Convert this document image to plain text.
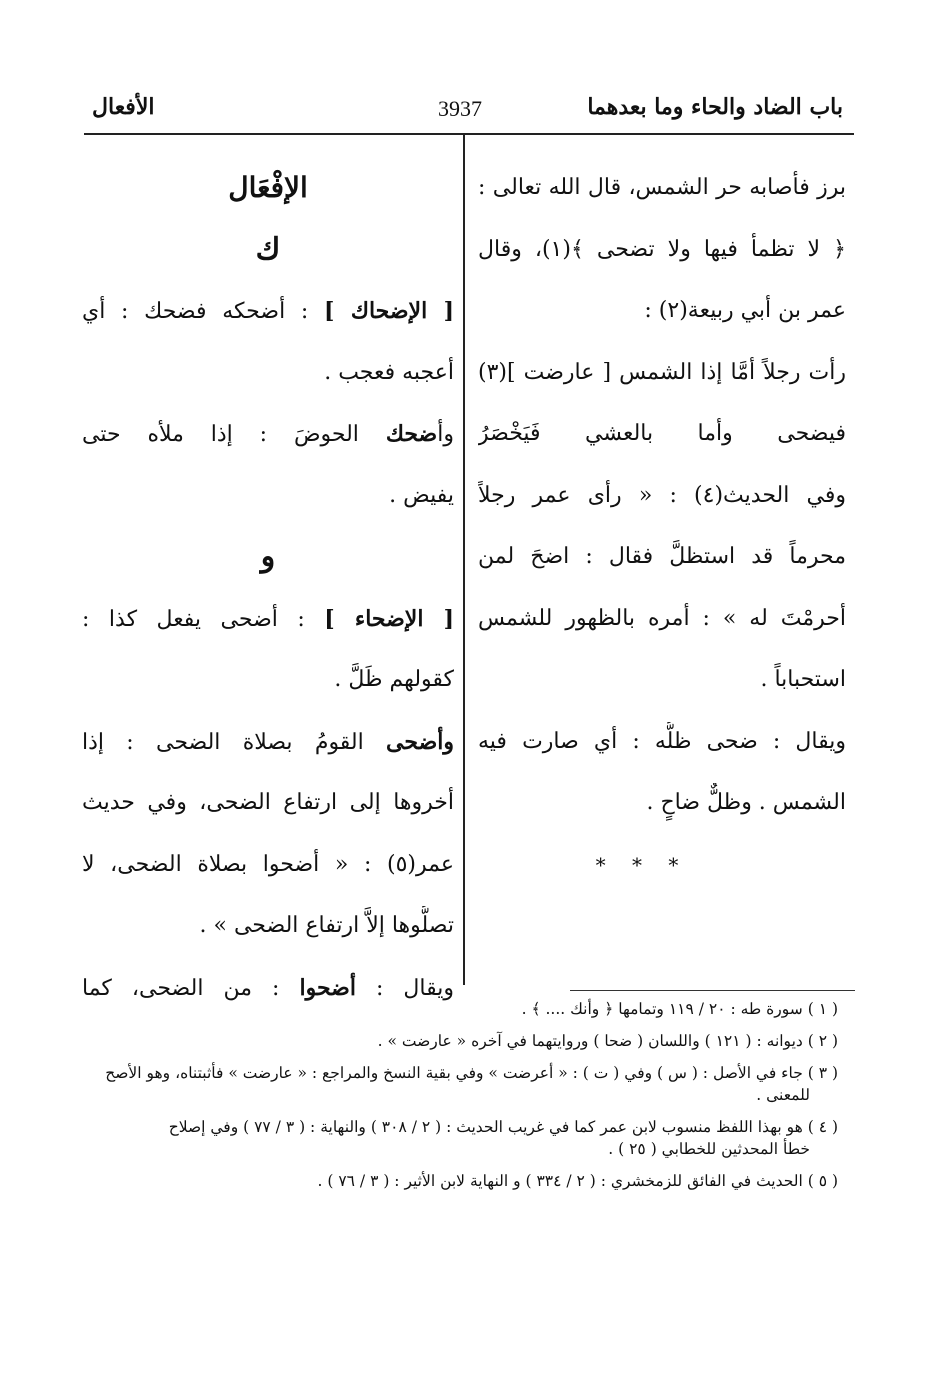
باب الضاد والحاء وما بعدهما
3937
الأفعال
برز فأصابه حر الشمس، قال الله تعالى :
﴿ لا تظمأ فيها ولا تضحى ﴾(١)، وقال
عمر بن أبي ربيعة(٢) :
رأت رجلاً أمَّا إذا الشمس [ عارضت ](٣)
فيضحى وأما بالعشي فَيَخْصَرُ
وفي الحديث(٤) : « رأى عمر رجلاً
محرماً قد استظلَّ فقال : اضحَ لمن
أحرمْتَ له » : أمره بالظهور للشمس
استحباباً .
ويقال : ضحى ظلُّه : أي صارت فيه
الشمس . وظلٌّ ضاحٍ .
* * *
الإفْعَال
ك
[ الإضحاك ] : أضحكه فضحك : أي
أعجبه فعجب .
وأضحك الحوضَ : إذا ملأه حتى
يفيض .
و
[ الإضحاء ] : أضحى يفعل كذا :
كقولهم ظَلَّ .
وأضحى القومُ بصلاة الضحى : إذا
أخروها إلى ارتفاع الضحى، وفي حديث
عمر(٥) : « أضحوا بصلاة الضحى، لا
تصلُّوها إلاَّ ارتفاع الضحى » .
ويقال : أضحوا : من الضحى، كما
( ١ ) سورة طه : ٢٠ / ١١٩ وتمامها ﴿ وأنك .... ﴾ .
( ٢ ) ديوانه : ( ١٢١ ) واللسان ( ضحا ) وروايتهما في آخره « عارضت » .
( ٣ ) جاء في الأصل : ( س ) وفي ( ت ) : « أعرضت » وفي بقية النسخ والمراجع : « عارضت » فأثبتناه، وهو الأصح
للمعنى .
( ٤ ) هو بهذا اللفظ منسوب لابن عمر كما في غريب الحديث : ( ٢ / ٣٠٨ ) والنهاية : ( ٣ / ٧٧ ) وفي إصلاح
خطأ المحدثين للخطابي ( ٢٥ ) .
( ٥ ) الحديث في الفائق للزمخشري : ( ٢ / ٣٣٤ ) و النهاية لابن الأثير : ( ٣ / ٧٦ ) .
